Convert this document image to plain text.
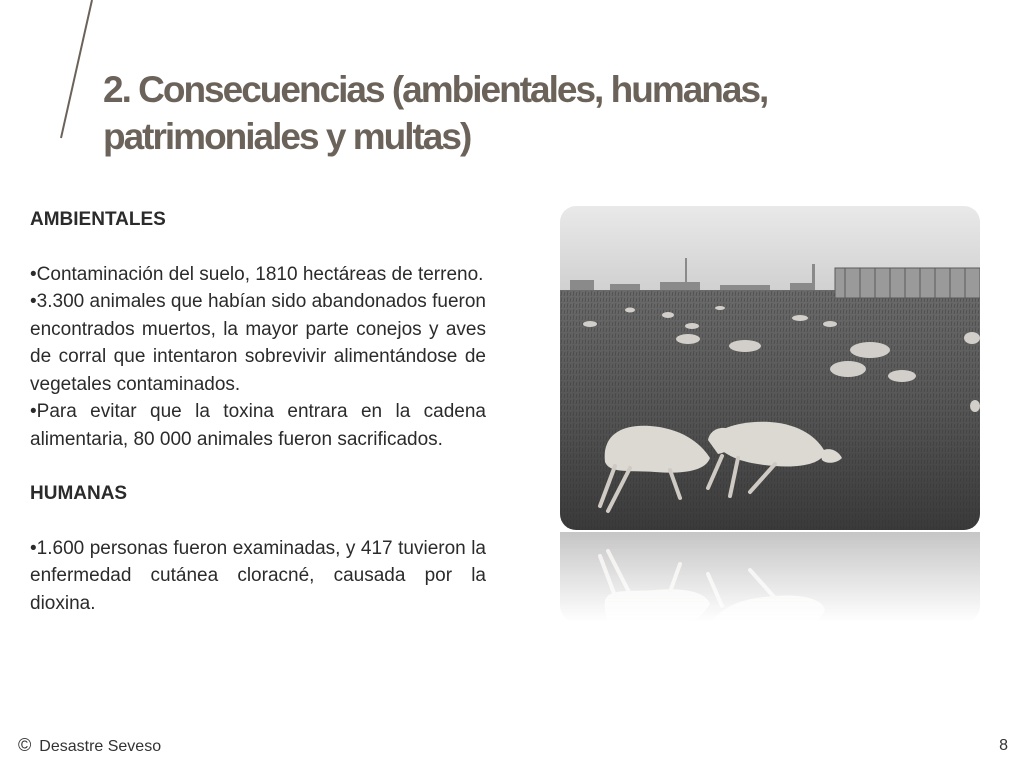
2. Consecuencias (ambientales, humanas, patrimoniales y multas)

AMBIENTALES

•Contaminación del suelo, 1810 hectáreas de terreno.

•3.300 animales que habían sido abandonados fueron encontrados muertos, la mayor parte conejos y aves de corral que intentaron sobrevivir alimentándose de vegetales contaminados.

•Para evitar que la toxina entrara en la cadena alimentaria, 80 000 animales fueron sacrificados.

HUMANAS

•1.600 personas fueron examinadas, y 417 tuvieron la enfermedad cutánea cloracné, causada por la dioxina.

© Desastre Seveso	8
